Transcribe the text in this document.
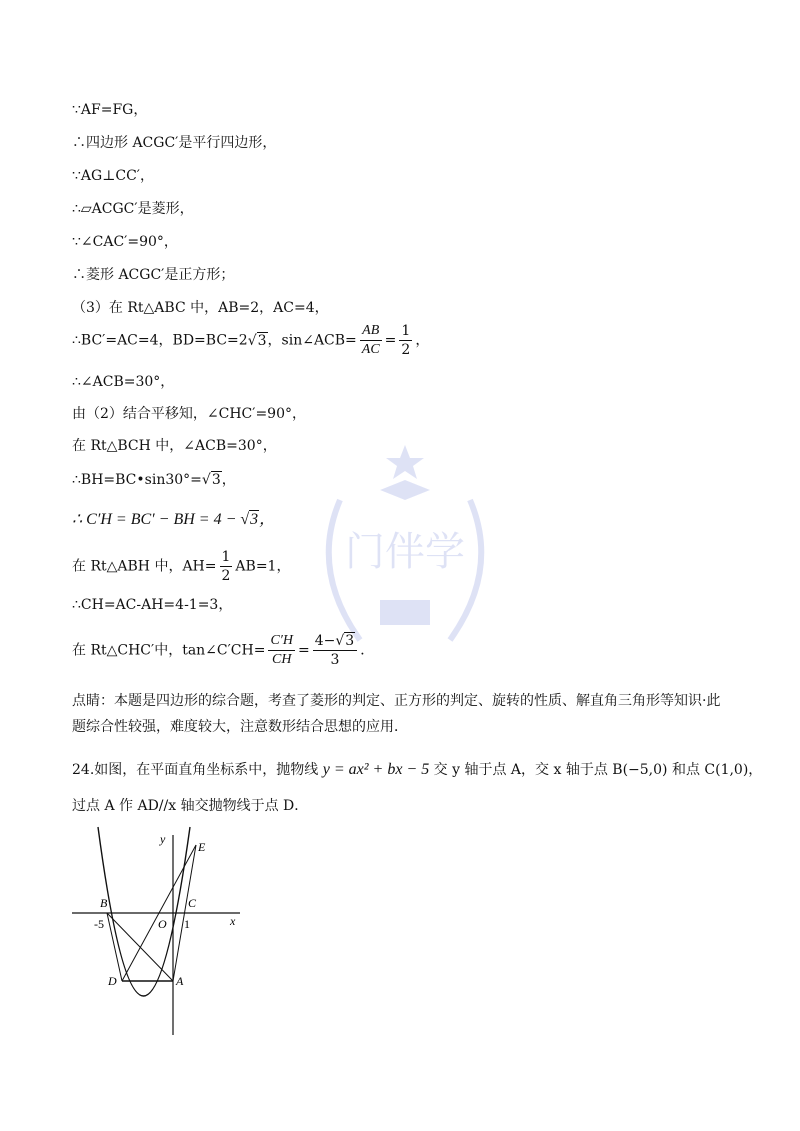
门伴学
∵AF=FG，
∴四边形 ACGC′是平行四边形，
∵AG⊥CC′，
∴▱ACGC′是菱形，
∵∠CAC′=90°，
∴菱形 ACGC′是正方形；
（3）在 Rt△ABC 中，AB=2，AC=4，
∴BC′=AC=4，BD=BC=2√3，sin∠ACB= $\frac{AB}{AC} = \frac{1}{2}$ ，
∴∠ACB=30°，
由（2）结合平移知，∠CHC′=90°，
在 Rt△BCH 中，∠ACB=30°，
∴BH=BC•sin30°=√3，
∴ C′H = BC′ − BH = 4 − √3，
在 Rt△ABH 中，$AH= \frac{1}{2} AB=1$，
∴CH=AC-AH=4-1=3，
在 Rt△CHC′中，tan∠C′CH= $\frac{C'H}{CH} = \frac{4-√3}{3}$ ．
点睛：本题是四边形的综合题，考查了菱形的判定、正方形的判定、旋转的性质、解直角三角形等知识·此题综合性较强，难度较大，注意数形结合思想的应用．
24.如图，在平面直角坐标系中，抛物线 y = ax² + bx − 5 交 y 轴于点 A，交 x 轴于点 B(−5,0) 和点 C(1,0)，
过点 A 作 AD//x 轴交抛物线于点 D．
y
x
E
B	C
O
-5	1
D	A
